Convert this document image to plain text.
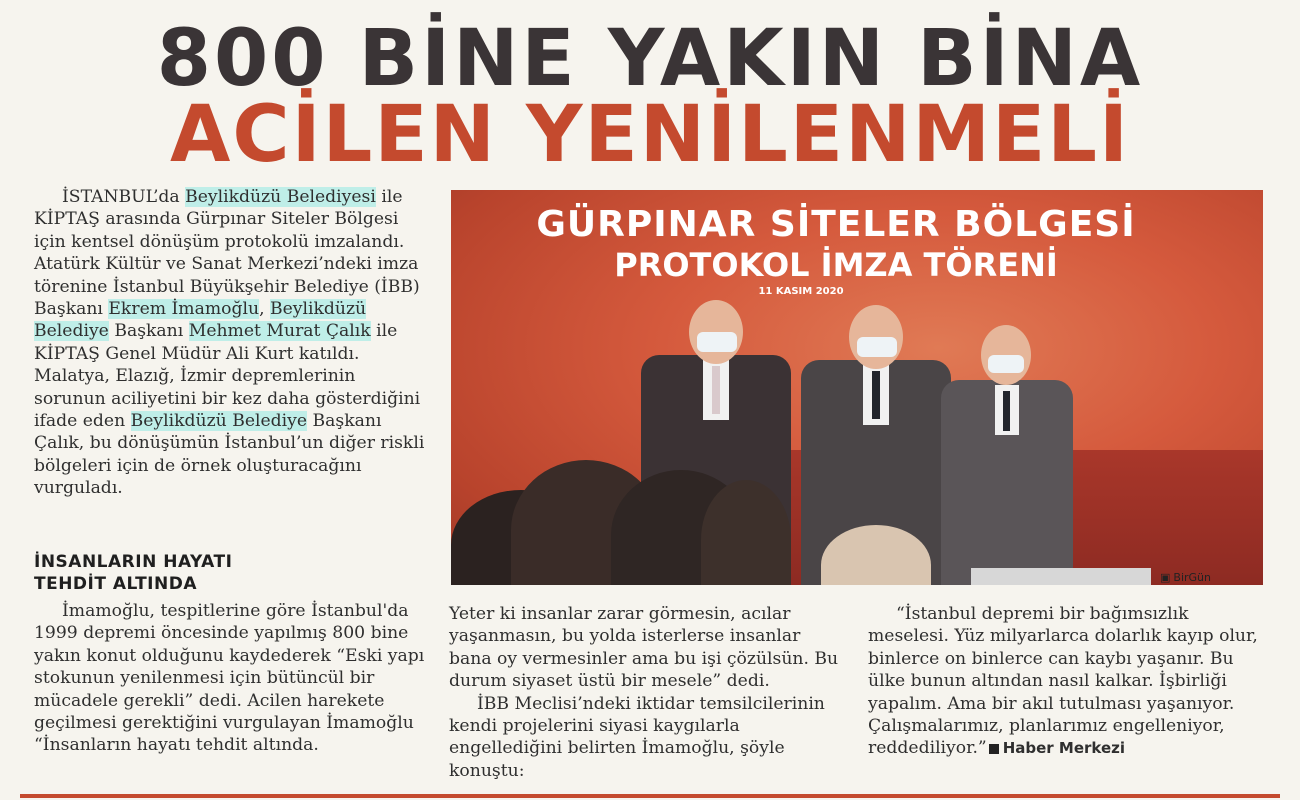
800 BİNE YAKIN BİNA
ACİLEN YENİLENMELİ

İSTANBUL’da Beylikdüzü Belediyesi ile KİPTAŞ arasında Gürpınar Siteler Bölgesi için kentsel dönüşüm protokolü imzalandı. Atatürk Kültür ve Sanat Merkezi’ndeki imza törenine İstanbul Büyükşehir Belediye (İBB) Başkanı Ekrem İmamoğlu, Beylikdüzü Belediye Başkanı Mehmet Murat Çalık ile KİPTAŞ Genel Müdür Ali Kurt katıldı. Malatya, Elazığ, İzmir depremlerinin sorunun aciliyetini bir kez daha gösterdiğini ifade eden Beylikdüzü Belediye Başkanı Çalık, bu dönüşümün İstanbul’un diğer riskli bölgeleri için de örnek oluşturacağını vurguladı.

İNSANLARIN HAYATI
TEHDİT ALTINDA

İmamoğlu, tespitlerine göre İstanbul'da 1999 depremi öncesinde yapılmış 800 bine yakın konut olduğunu kaydederek “Eski yapı stokunun yenilenmesi için bütüncül bir mücadele gerekli” dedi. Acilen harekete geçilmesi gerektiğini vurgulayan İmamoğlu “İnsanların hayatı tehdit altında.

Yeter ki insanlar zarar görmesin, acılar yaşanmasın, bu yolda isterlerse insanlar bana oy vermesinler ama bu işi çözülsün. Bu durum siyaset üstü bir mesele” dedi.

İBB Meclisi’ndeki iktidar temsilcilerinin kendi projelerini siyasi kaygılarla engellediğini belirten İmamoğlu, şöyle konuştu:

“İstanbul depremi bir bağımsızlık meselesi. Yüz milyarlarca dolarlık kayıp olur, binlerce on binlerce can kaybı yaşanır. Bu ülke bunun altından nasıl kalkar. İşbirliği yapalım. Ama bir akıl tutulması yaşanıyor. Çalışmalarımız, planlarımız engelleniyor, reddediliyor.” Haber Merkezi

GÜRPINAR SİTELER BÖLGESİ
PROTOKOL İMZA TÖRENİ
11 KASIM 2020
▣ BirGün
